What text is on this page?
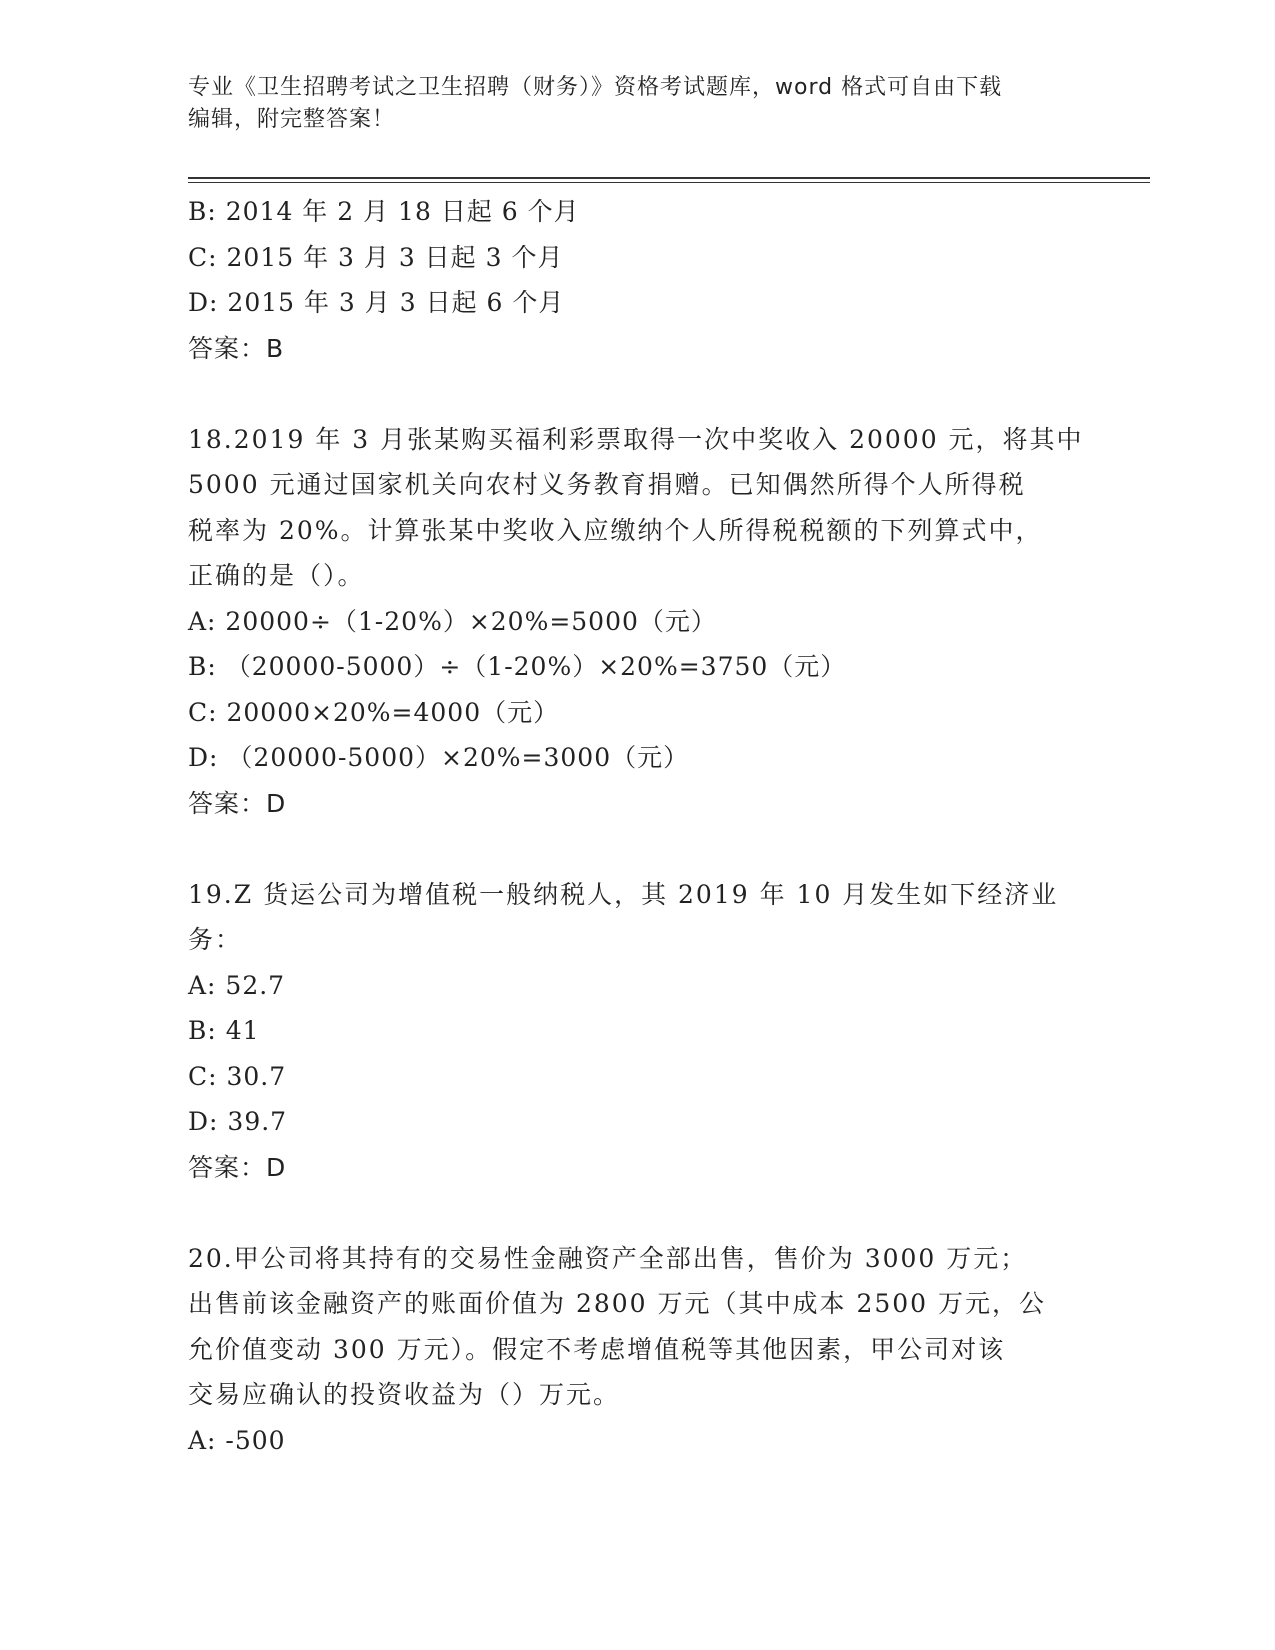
专业《卫生招聘考试之卫生招聘（财务）》资格考试题库，word 格式可自由下载
编辑，附完整答案！
B: 2014 年 2 月 18 日起 6 个月
C: 2015 年 3 月 3 日起 3 个月
D: 2015 年 3 月 3 日起 6 个月
答案：B
18.2019 年 3 月张某购买福利彩票取得一次中奖收入 20000 元，将其中
5000 元通过国家机关向农村义务教育捐赠。已知偶然所得个人所得税
税率为 20%。计算张某中奖收入应缴纳个人所得税税额的下列算式中，
正确的是（）。
A: 20000÷（1-20%）×20%=5000（元）
B: （20000-5000）÷（1-20%）×20%=3750（元）
C: 20000×20%=4000（元）
D: （20000-5000）×20%=3000（元）
答案：D
19.Z 货运公司为增值税一般纳税人，其 2019 年 10 月发生如下经济业
务：
A: 52.7
B: 41
C: 30.7
D: 39.7
答案：D
20.甲公司将其持有的交易性金融资产全部出售，售价为 3000 万元；
出售前该金融资产的账面价值为 2800 万元（其中成本 2500 万元，公
允价值变动 300 万元）。假定不考虑增值税等其他因素，甲公司对该
交易应确认的投资收益为（）万元。
A: -500
